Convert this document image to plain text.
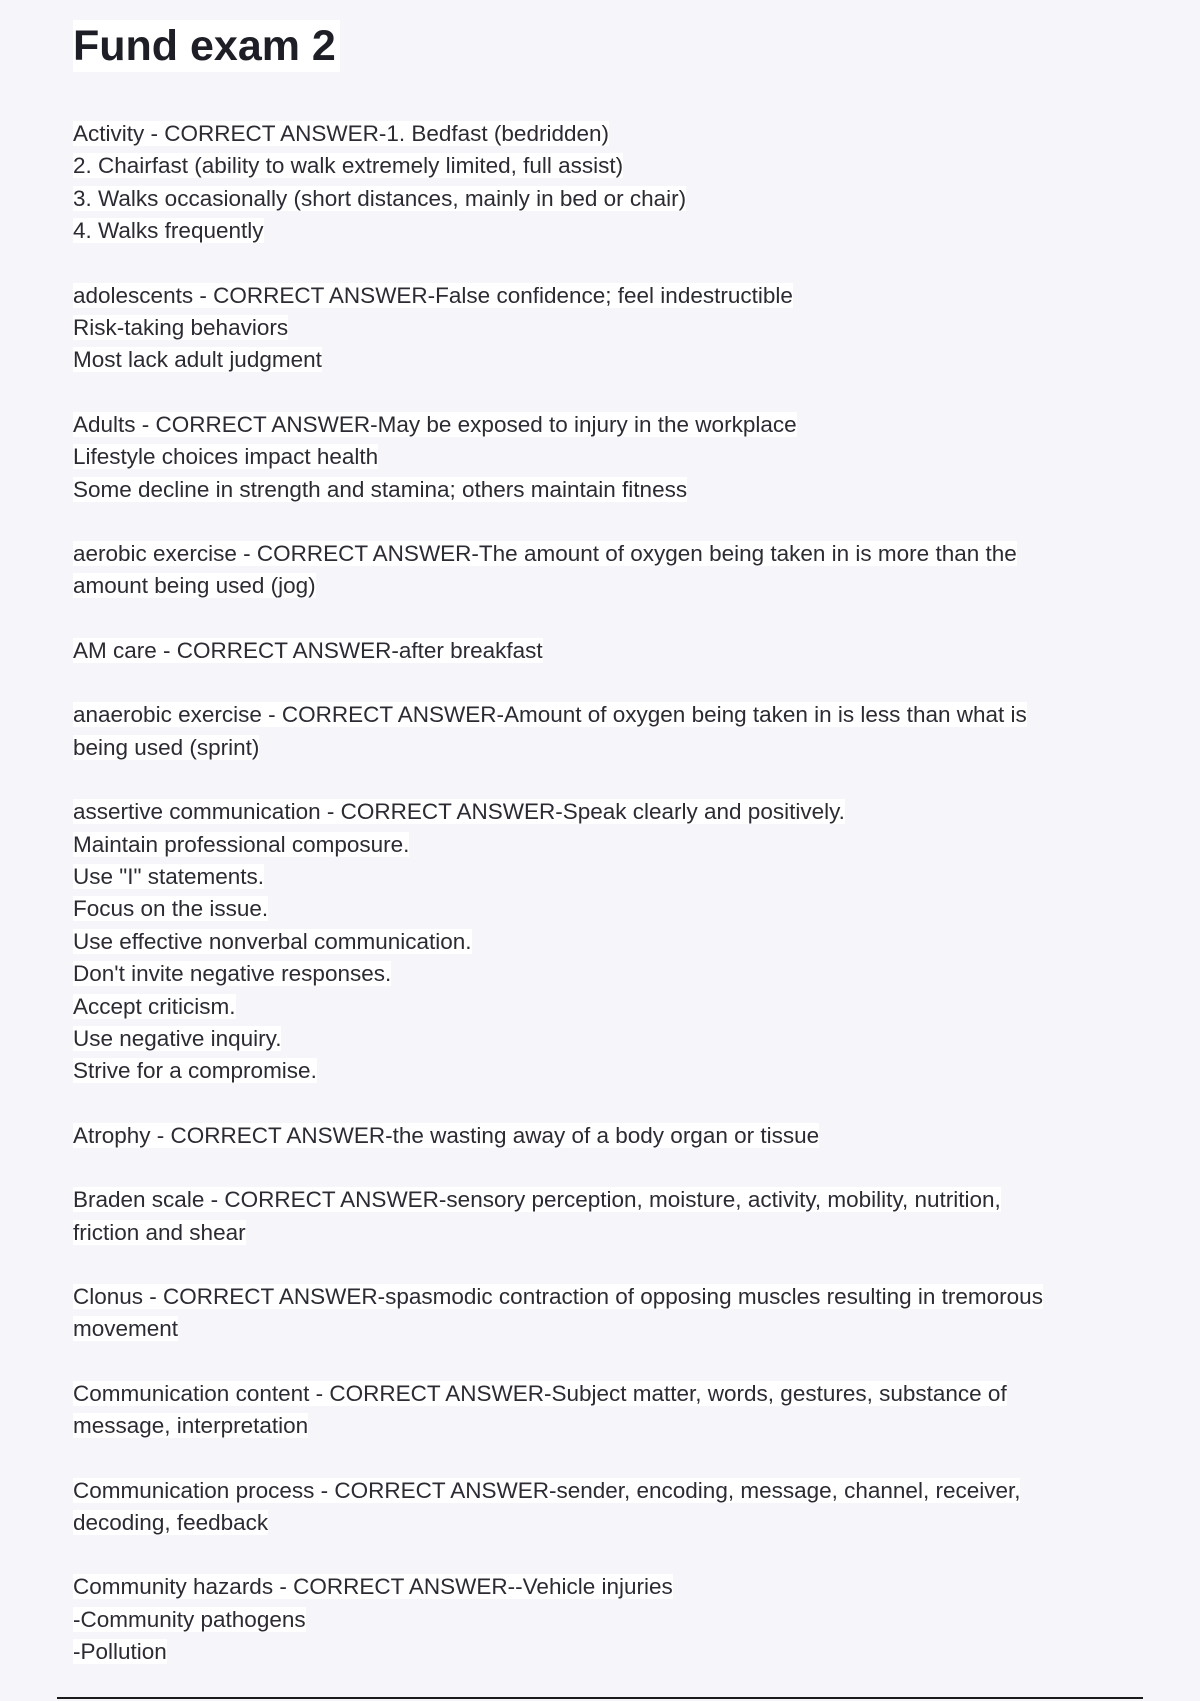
Fund exam 2
Activity - CORRECT ANSWER-1. Bedfast (bedridden)
2. Chairfast (ability to walk extremely limited, full assist)
3. Walks occasionally (short distances, mainly in bed or chair)
4. Walks frequently
adolescents - CORRECT ANSWER-False confidence; feel indestructible
Risk-taking behaviors
Most lack adult judgment
Adults - CORRECT ANSWER-May be exposed to injury in the workplace
Lifestyle choices impact health
Some decline in strength and stamina; others maintain fitness
aerobic exercise - CORRECT ANSWER-The amount of oxygen being taken in is more than the
amount being used (jog)
AM care - CORRECT ANSWER-after breakfast
anaerobic exercise - CORRECT ANSWER-Amount of oxygen being taken in is less than what is
being used (sprint)
assertive communication - CORRECT ANSWER-Speak clearly and positively.
Maintain professional composure.
Use "I" statements.
Focus on the issue.
Use effective nonverbal communication.
Don't invite negative responses.
Accept criticism.
Use negative inquiry.
Strive for a compromise.
Atrophy - CORRECT ANSWER-the wasting away of a body organ or tissue
Braden scale - CORRECT ANSWER-sensory perception, moisture, activity, mobility, nutrition,
friction and shear
Clonus - CORRECT ANSWER-spasmodic contraction of opposing muscles resulting in tremorous
movement
Communication content - CORRECT ANSWER-Subject matter, words, gestures, substance of
message, interpretation
Communication process - CORRECT ANSWER-sender, encoding, message, channel, receiver,
decoding, feedback
Community hazards - CORRECT ANSWER--Vehicle injuries
-Community pathogens
-Pollution
